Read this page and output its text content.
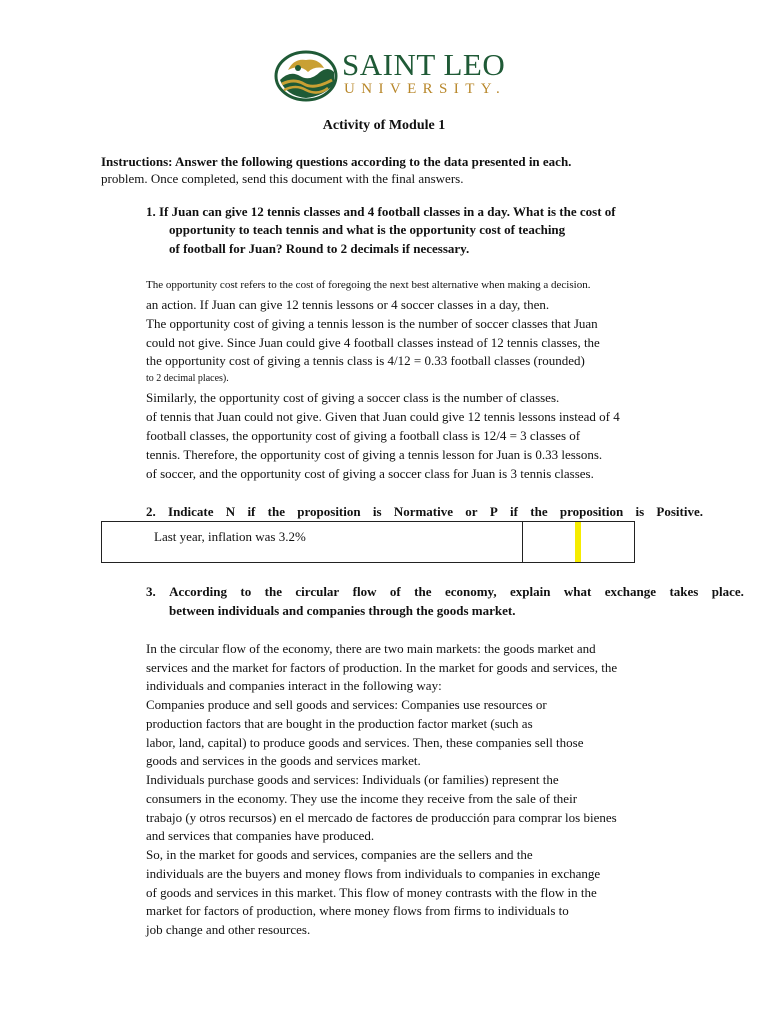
SAINT LEO
UNIVERSITY.
Activity of Module 1
Instructions: Answer the following questions according to the data presented in each.
problem. Once completed, send this document with the final answers.
1. If Juan can give 12 tennis classes and 4 football classes in a day. What is the cost of
opportunity to teach tennis and what is the opportunity cost of teaching
of football for Juan? Round to 2 decimals if necessary.
The opportunity cost refers to the cost of foregoing the next best alternative when making a decision.
an action. If Juan can give 12 tennis lessons or 4 soccer classes in a day, then.
The opportunity cost of giving a tennis lesson is the number of soccer classes that Juan
could not give. Since Juan could give 4 football classes instead of 12 tennis classes, the
the opportunity cost of giving a tennis class is 4/12 = 0.33 football classes (rounded)
to 2 decimal places).
Similarly, the opportunity cost of giving a soccer class is the number of classes.
of tennis that Juan could not give. Given that Juan could give 12 tennis lessons instead of 4
football classes, the opportunity cost of giving a football class is 12/4 = 3 classes of
tennis. Therefore, the opportunity cost of giving a tennis lesson for Juan is 0.33 lessons.
of soccer, and the opportunity cost of giving a soccer class for Juan is 3 tennis classes.
2. Indicate N if the proposition is Normative or P if the proposition is Positive.
Last year, inflation was 3.2%
3. According to the circular flow of the economy, explain what exchange takes place.
between individuals and companies through the goods market.
In the circular flow of the economy, there are two main markets: the goods market and
services and the market for factors of production. In the market for goods and services, the
individuals and companies interact in the following way:
Companies produce and sell goods and services: Companies use resources or
production factors that are bought in the production factor market (such as
labor, land, capital) to produce goods and services. Then, these companies sell those
goods and services in the goods and services market.
Individuals purchase goods and services: Individuals (or families) represent the
consumers in the economy. They use the income they receive from the sale of their
trabajo (y otros recursos) en el mercado de factores de producción para comprar los bienes
and services that companies have produced.
So, in the market for goods and services, companies are the sellers and the
individuals are the buyers and money flows from individuals to companies in exchange
of goods and services in this market. This flow of money contrasts with the flow in the
market for factors of production, where money flows from firms to individuals to
job change and other resources.
